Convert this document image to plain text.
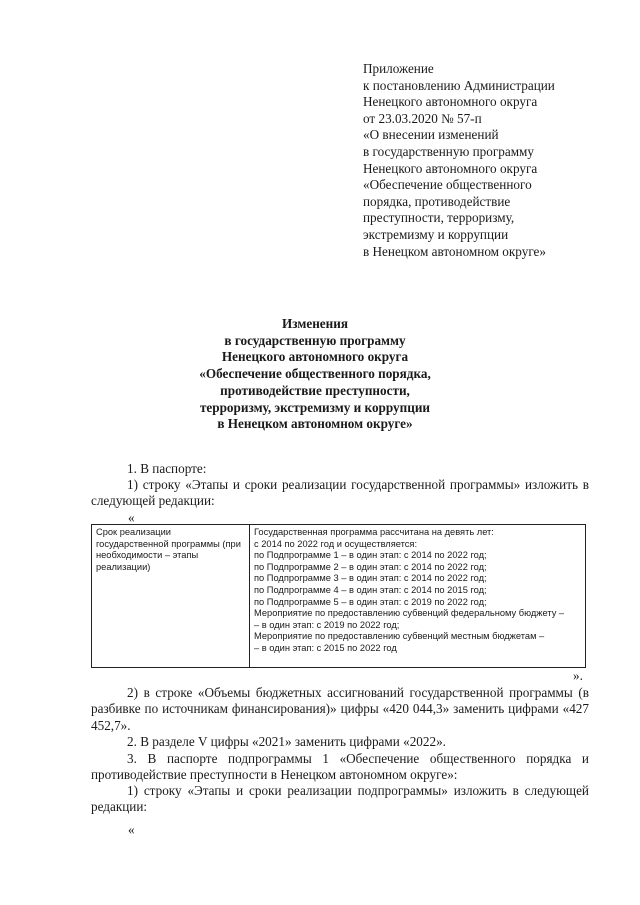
Приложение
к постановлению Администрации
Ненецкого автономного округа
от 23.03.2020 № 57-п
«О внесении изменений
в государственную программу
Ненецкого автономного округа
«Обеспечение общественного
порядка, противодействие
преступности, терроризму,
экстремизму и коррупции
в Ненецком автономном округе»
Изменения
в государственную программу
Ненецкого автономного округа
«Обеспечение общественного порядка,
противодействие преступности,
терроризму, экстремизму и коррупции
в Ненецком автономном округе»
1. В паспорте:
1) строку «Этапы и сроки реализации государственной программы» изложить в следующей редакции:
«
Срок реализации государственной программы (при необходимости – этапы реализации)
Государственная программа рассчитана на девять лет:
с 2014 по 2022 год и осуществляется:
по Подпрограмме 1 – в один этап: с 2014 по 2022 год;
по Подпрограмме 2 – в один этап: с 2014 по 2022 год;
по Подпрограмме 3 – в один этап: с 2014 по 2022 год;
по Подпрограмме 4 – в один этап: с 2014 по 2015 год;
по Подпрограмме 5 – в один этап: с 2019 по 2022 год;
Мероприятие по предоставлению субвенций федеральному бюджету –
– в один этап: с 2019 по 2022 год;
Мероприятие по предоставлению субвенций местным бюджетам –
– в один этап: с 2015 по 2022 год
».
2) в строке «Объемы бюджетных ассигнований государственной программы (в разбивке по источникам финансирования)» цифры «420 044,3» заменить цифрами «427 452,7».
2. В разделе V цифры «2021» заменить цифрами «2022».
3. В паспорте подпрограммы 1 «Обеспечение общественного порядка и противодействие преступности в Ненецком автономном округе»:
1) строку «Этапы и сроки реализации подпрограммы» изложить в следующей редакции:
«
